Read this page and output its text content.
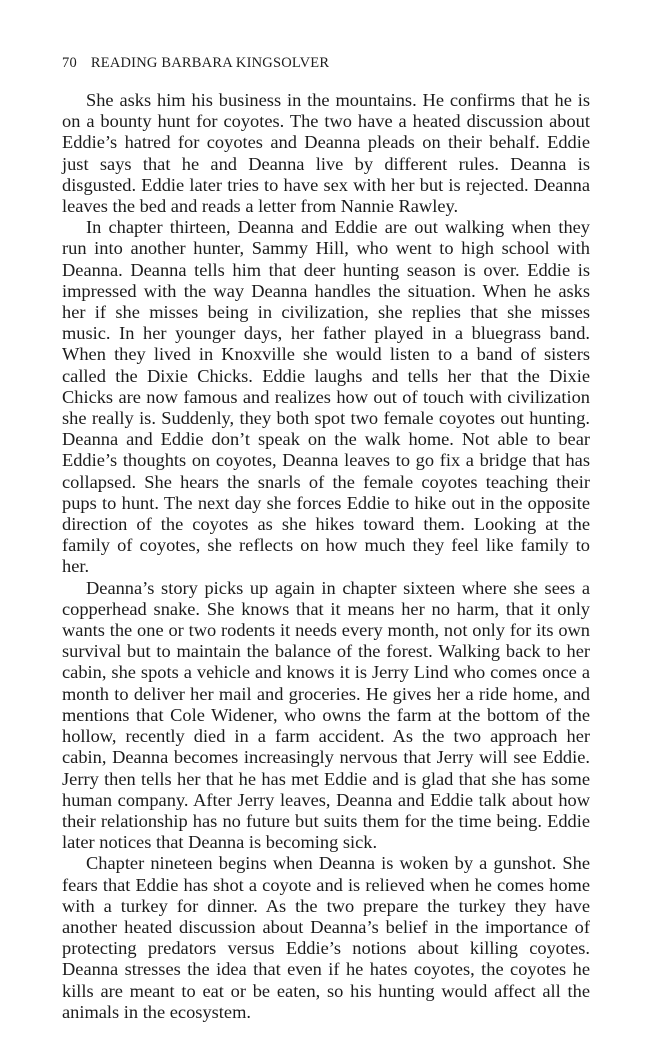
70 READING BARBARA KINGSOLVER

She asks him his business in the mountains. He confirms that he is on a bounty hunt for coyotes. The two have a heated discussion about Eddie’s hatred for coyotes and Deanna pleads on their behalf. Eddie just says that he and Deanna live by different rules. Deanna is disgusted. Eddie later tries to have sex with her but is rejected. Deanna leaves the bed and reads a letter from Nannie Rawley.

In chapter thirteen, Deanna and Eddie are out walking when they run into another hunter, Sammy Hill, who went to high school with Deanna. Deanna tells him that deer hunting season is over. Eddie is impressed with the way Deanna handles the situation. When he asks her if she misses being in civilization, she replies that she misses music. In her younger days, her father played in a bluegrass band. When they lived in Knoxville she would listen to a band of sisters called the Dixie Chicks. Eddie laughs and tells her that the Dixie Chicks are now famous and realizes how out of touch with civilization she really is. Suddenly, they both spot two female coyotes out hunting. Deanna and Eddie don’t speak on the walk home. Not able to bear Eddie’s thoughts on coyotes, Deanna leaves to go fix a bridge that has collapsed. She hears the snarls of the female coyotes teaching their pups to hunt. The next day she forces Eddie to hike out in the opposite direction of the coyotes as she hikes toward them. Looking at the family of coyotes, she reflects on how much they feel like family to her.

Deanna’s story picks up again in chapter sixteen where she sees a copperhead snake. She knows that it means her no harm, that it only wants the one or two rodents it needs every month, not only for its own survival but to maintain the balance of the forest. Walking back to her cabin, she spots a vehicle and knows it is Jerry Lind who comes once a month to deliver her mail and groceries. He gives her a ride home, and mentions that Cole Widener, who owns the farm at the bottom of the hollow, recently died in a farm accident. As the two approach her cabin, Deanna becomes increasingly nervous that Jerry will see Eddie. Jerry then tells her that he has met Eddie and is glad that she has some human company. After Jerry leaves, Deanna and Eddie talk about how their relationship has no future but suits them for the time being. Eddie later notices that Deanna is becoming sick.

Chapter nineteen begins when Deanna is woken by a gunshot. She fears that Eddie has shot a coyote and is relieved when he comes home with a turkey for dinner. As the two prepare the turkey they have another heated discussion about Deanna’s belief in the importance of protecting predators versus Eddie’s notions about killing coyotes. Deanna stresses the idea that even if he hates coyotes, the coyotes he kills are meant to eat or be eaten, so his hunting would affect all the animals in the ecosystem.
